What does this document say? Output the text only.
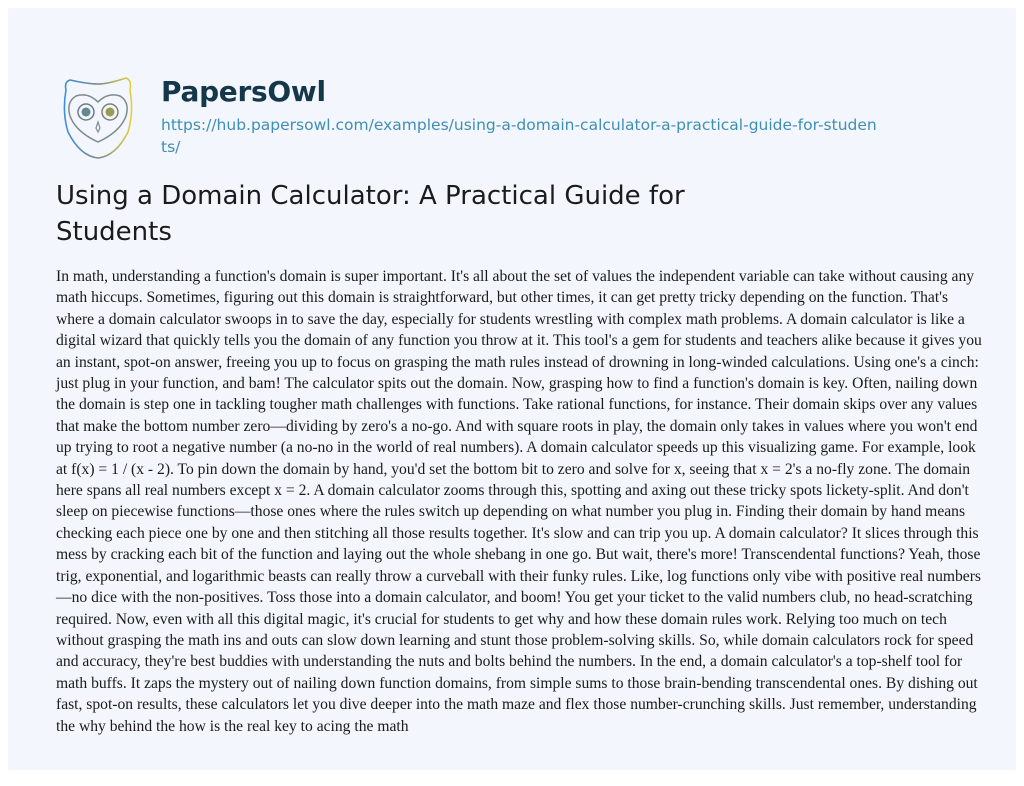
PapersOwl
https://hub.papersowl.com/examples/using-a-domain-calculator-a-practical-guide-for-students/
Using a Domain Calculator: A Practical Guide for Students

In math, understanding a function's domain is super important. It's all about the set of values the independent variable can take without causing any math hiccups. Sometimes, figuring out this domain is straightforward, but other times, it can get pretty tricky depending on the function. That's where a domain calculator swoops in to save the day, especially for students wrestling with complex math problems. A domain calculator is like a digital wizard that quickly tells you the domain of any function you throw at it. This tool's a gem for students and teachers alike because it gives you an instant, spot-on answer, freeing you up to focus on grasping the math rules instead of drowning in long-winded calculations. Using one's a cinch: just plug in your function, and bam! The calculator spits out the domain. Now, grasping how to find a function's domain is key. Often, nailing down the domain is step one in tackling tougher math challenges with functions. Take rational functions, for instance. Their domain skips over any values that make the bottom number zero—dividing by zero's a no-go. And with square roots in play, the domain only takes in values where you won't end up trying to root a negative number (a no-no in the world of real numbers). A domain calculator speeds up this visualizing game. For example, look at f(x) = 1 / (x - 2). To pin down the domain by hand, you'd set the bottom bit to zero and solve for x, seeing that x = 2's a no-fly zone. The domain here spans all real numbers except x = 2. A domain calculator zooms through this, spotting and axing out these tricky spots lickety-split. And don't sleep on piecewise functions—those ones where the rules switch up depending on what number you plug in. Finding their domain by hand means checking each piece one by one and then stitching all those results together. It's slow and can trip you up. A domain calculator? It slices through this mess by cracking each bit of the function and laying out the whole shebang in one go. But wait, there's more! Transcendental functions? Yeah, those trig, exponential, and logarithmic beasts can really throw a curveball with their funky rules. Like, log functions only vibe with positive real numbers—no dice with the non-positives. Toss those into a domain calculator, and boom! You get your ticket to the valid numbers club, no head-scratching required. Now, even with all this digital magic, it's crucial for students to get why and how these domain rules work. Relying too much on tech without grasping the math ins and outs can slow down learning and stunt those problem-solving skills. So, while domain calculators rock for speed and accuracy, they're best buddies with understanding the nuts and bolts behind the numbers. In the end, a domain calculator's a top-shelf tool for math buffs. It zaps the mystery out of nailing down function domains, from simple sums to those brain-bending transcendental ones. By dishing out fast, spot-on results, these calculators let you dive deeper into the math maze and flex those number-crunching skills. Just remember, understanding the why behind the how is the real key to acing the math
